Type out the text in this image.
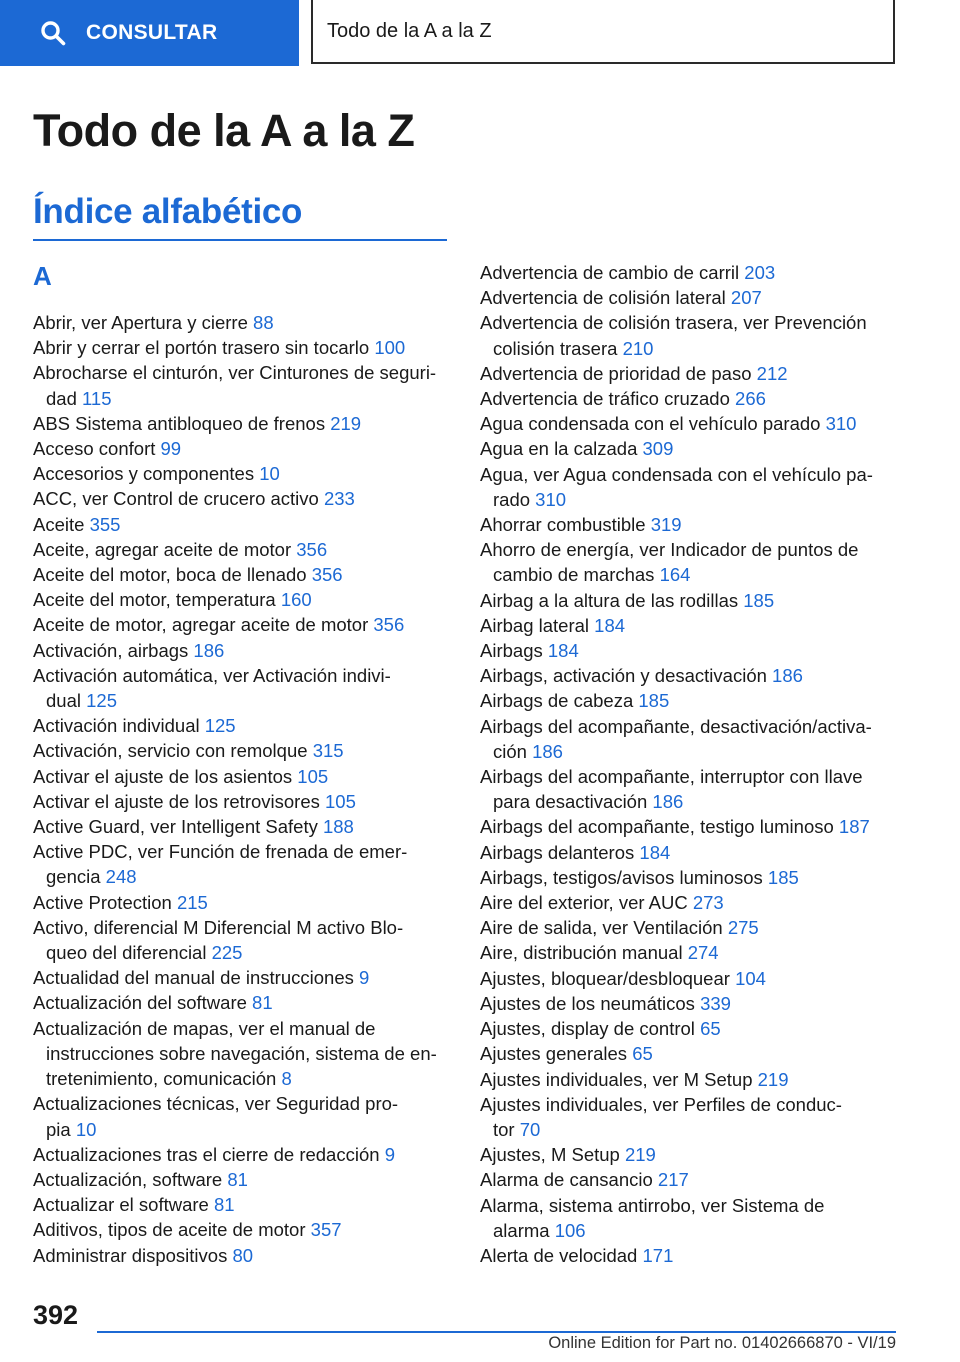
CONSULTAR	Todo de la A a la Z
Todo de la A a la Z
Índice alfabético
A
Abrir, ver Apertura y cierre 88
Abrir y cerrar el portón trasero sin tocarlo 100
Abrocharse el cinturón, ver Cinturones de seguri-
dad 115
ABS Sistema antibloqueo de frenos 219
Acceso confort 99
Accesorios y componentes 10
ACC, ver Control de crucero activo 233
Aceite 355
Aceite, agregar aceite de motor 356
Aceite del motor, boca de llenado 356
Aceite del motor, temperatura 160
Aceite de motor, agregar aceite de motor 356
Activación, airbags 186
Activación automática, ver Activación indivi-
dual 125
Activación individual 125
Activación, servicio con remolque 315
Activar el ajuste de los asientos 105
Activar el ajuste de los retrovisores 105
Active Guard, ver Intelligent Safety 188
Active PDC, ver Función de frenada de emer-
gencia 248
Active Protection 215
Activo, diferencial M Diferencial M activo Blo-
queo del diferencial 225
Actualidad del manual de instrucciones 9
Actualización del software 81
Actualización de mapas, ver el manual de
instrucciones sobre navegación, sistema de en-
tretenimiento, comunicación 8
Actualizaciones técnicas, ver Seguridad pro-
pia 10
Actualizaciones tras el cierre de redacción 9
Actualización, software 81
Actualizar el software 81
Aditivos, tipos de aceite de motor 357
Administrar dispositivos 80
Advertencia de cambio de carril 203
Advertencia de colisión lateral 207
Advertencia de colisión trasera, ver Prevención
colisión trasera 210
Advertencia de prioridad de paso 212
Advertencia de tráfico cruzado 266
Agua condensada con el vehículo parado 310
Agua en la calzada 309
Agua, ver Agua condensada con el vehículo pa-
rado 310
Ahorrar combustible 319
Ahorro de energía, ver Indicador de puntos de
cambio de marchas 164
Airbag a la altura de las rodillas 185
Airbag lateral 184
Airbags 184
Airbags, activación y desactivación 186
Airbags de cabeza 185
Airbags del acompañante, desactivación/activa-
ción 186
Airbags del acompañante, interruptor con llave
para desactivación 186
Airbags del acompañante, testigo luminoso 187
Airbags delanteros 184
Airbags, testigos/avisos luminosos 185
Aire del exterior, ver AUC 273
Aire de salida, ver Ventilación 275
Aire, distribución manual 274
Ajustes, bloquear/desbloquear 104
Ajustes de los neumáticos 339
Ajustes, display de control 65
Ajustes generales 65
Ajustes individuales, ver M Setup 219
Ajustes individuales, ver Perfiles de conduc-
tor 70
Ajustes, M Setup 219
Alarma de cansancio 217
Alarma, sistema antirrobo, ver Sistema de
alarma 106
Alerta de velocidad 171
392
Online Edition for Part no. 01402666870 - VI/19
